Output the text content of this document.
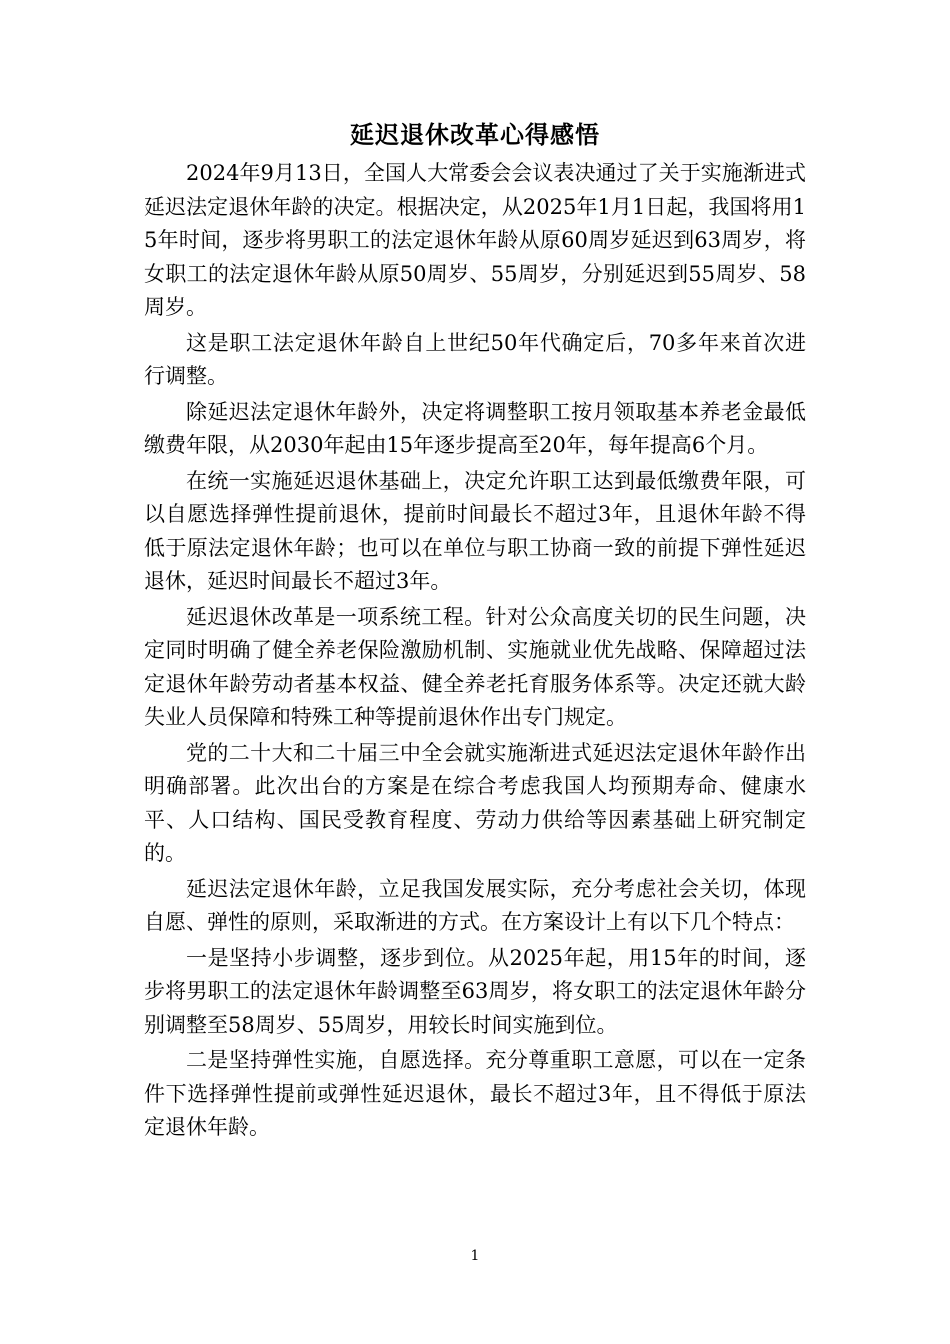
延迟退休改革心得感悟

2024年9月13日，全国人大常委会会议表决通过了关于实施渐进式延迟法定退休年龄的决定。根据决定，从2025年1月1日起，我国将用15年时间，逐步将男职工的法定退休年龄从原60周岁延迟到63周岁，将女职工的法定退休年龄从原50周岁、55周岁，分别延迟到55周岁、58周岁。

这是职工法定退休年龄自上世纪50年代确定后，70多年来首次进行调整。

除延迟法定退休年龄外，决定将调整职工按月领取基本养老金最低缴费年限，从2030年起由15年逐步提高至20年，每年提高6个月。

在统一实施延迟退休基础上，决定允许职工达到最低缴费年限，可以自愿选择弹性提前退休，提前时间最长不超过3年，且退休年龄不得低于原法定退休年龄；也可以在单位与职工协商一致的前提下弹性延迟退休，延迟时间最长不超过3年。

延迟退休改革是一项系统工程。针对公众高度关切的民生问题，决定同时明确了健全养老保险激励机制、实施就业优先战略、保障超过法定退休年龄劳动者基本权益、健全养老托育服务体系等。决定还就大龄失业人员保障和特殊工种等提前退休作出专门规定。

党的二十大和二十届三中全会就实施渐进式延迟法定退休年龄作出明确部署。此次出台的方案是在综合考虑我国人均预期寿命、健康水平、人口结构、国民受教育程度、劳动力供给等因素基础上研究制定的。

延迟法定退休年龄，立足我国发展实际，充分考虑社会关切，体现自愿、弹性的原则，采取渐进的方式。在方案设计上有以下几个特点：

一是坚持小步调整，逐步到位。从2025年起，用15年的时间，逐步将男职工的法定退休年龄调整至63周岁，将女职工的法定退休年龄分别调整至58周岁、55周岁，用较长时间实施到位。

二是坚持弹性实施，自愿选择。充分尊重职工意愿，可以在一定条件下选择弹性提前或弹性延迟退休，最长不超过3年，且不得低于原法定退休年龄。

1
